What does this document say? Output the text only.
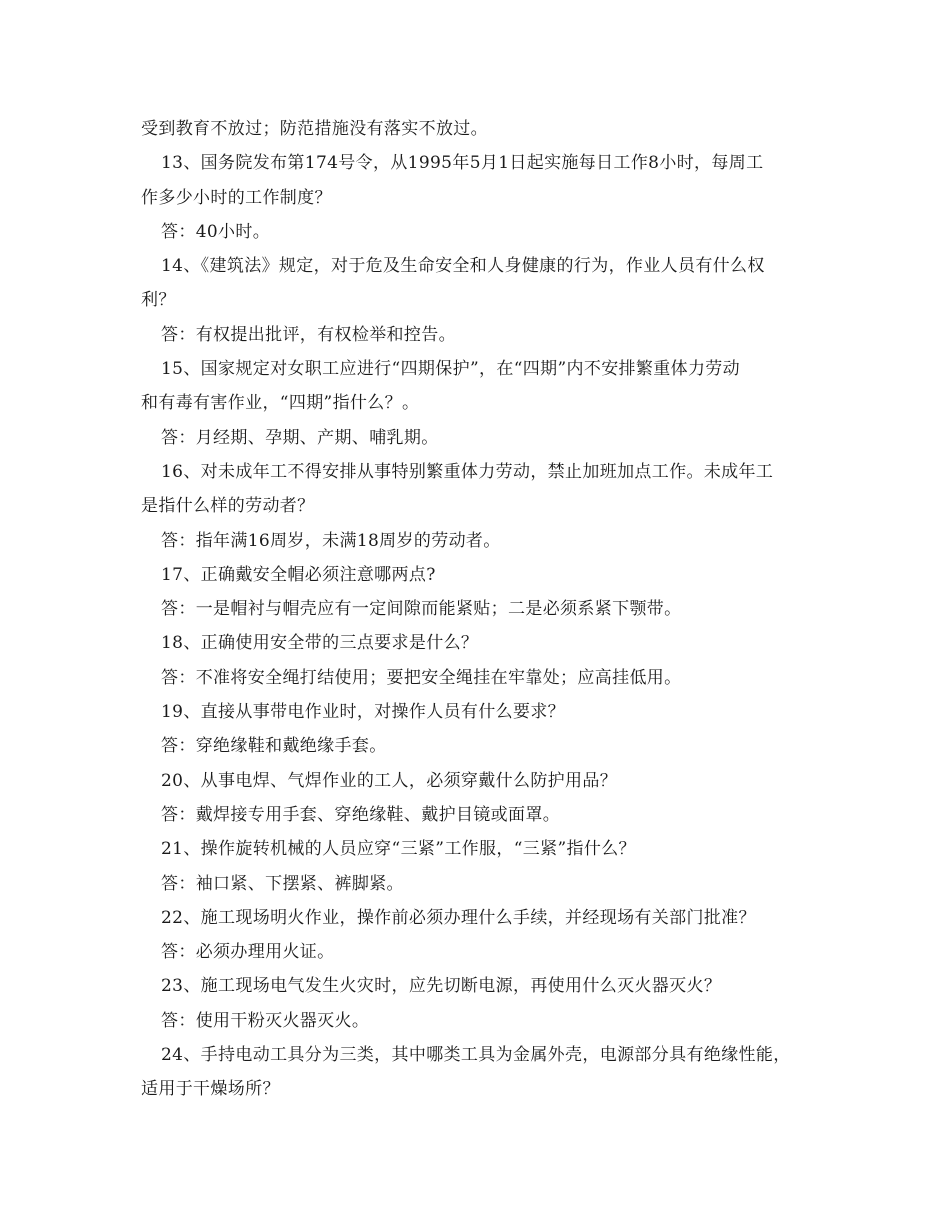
受到教育不放过；防范措施没有落实不放过。
13、国务院发布第174号令，从1995年5月1日起实施每日工作8小时，每周工
作多少小时的工作制度？
答：40小时。
14、《建筑法》规定，对于危及生命安全和人身健康的行为，作业人员有什么权
利？
答：有权提出批评，有权检举和控告。
15、国家规定对女职工应进行“四期保护”，在“四期”内不安排繁重体力劳动
和有毒有害作业，“四期”指什么？。
答：月经期、孕期、产期、哺乳期。
16、对未成年工不得安排从事特别繁重体力劳动，禁止加班加点工作。未成年工
是指什么样的劳动者？
答：指年满16周岁，未满18周岁的劳动者。
17、正确戴安全帽必须注意哪两点?
答：一是帽衬与帽壳应有一定间隙而能紧贴；二是必须系紧下颚带。
18、正确使用安全带的三点要求是什么？
答：不准将安全绳打结使用；要把安全绳挂在牢靠处；应高挂低用。
19、直接从事带电作业时，对操作人员有什么要求？
答：穿绝缘鞋和戴绝缘手套。
20、从事电焊、气焊作业的工人，必须穿戴什么防护用品？
答：戴焊接专用手套、穿绝缘鞋、戴护目镜或面罩。
21、操作旋转机械的人员应穿“三紧”工作服，“三紧”指什么？
答：袖口紧、下摆紧、裤脚紧。
22、施工现场明火作业，操作前必须办理什么手续，并经现场有关部门批准？
答：必须办理用火证。
23、施工现场电气发生火灾时，应先切断电源，再使用什么灭火器灭火？
答：使用干粉灭火器灭火。
24、手持电动工具分为三类，其中哪类工具为金属外壳，电源部分具有绝缘性能，
适用于干燥场所？
